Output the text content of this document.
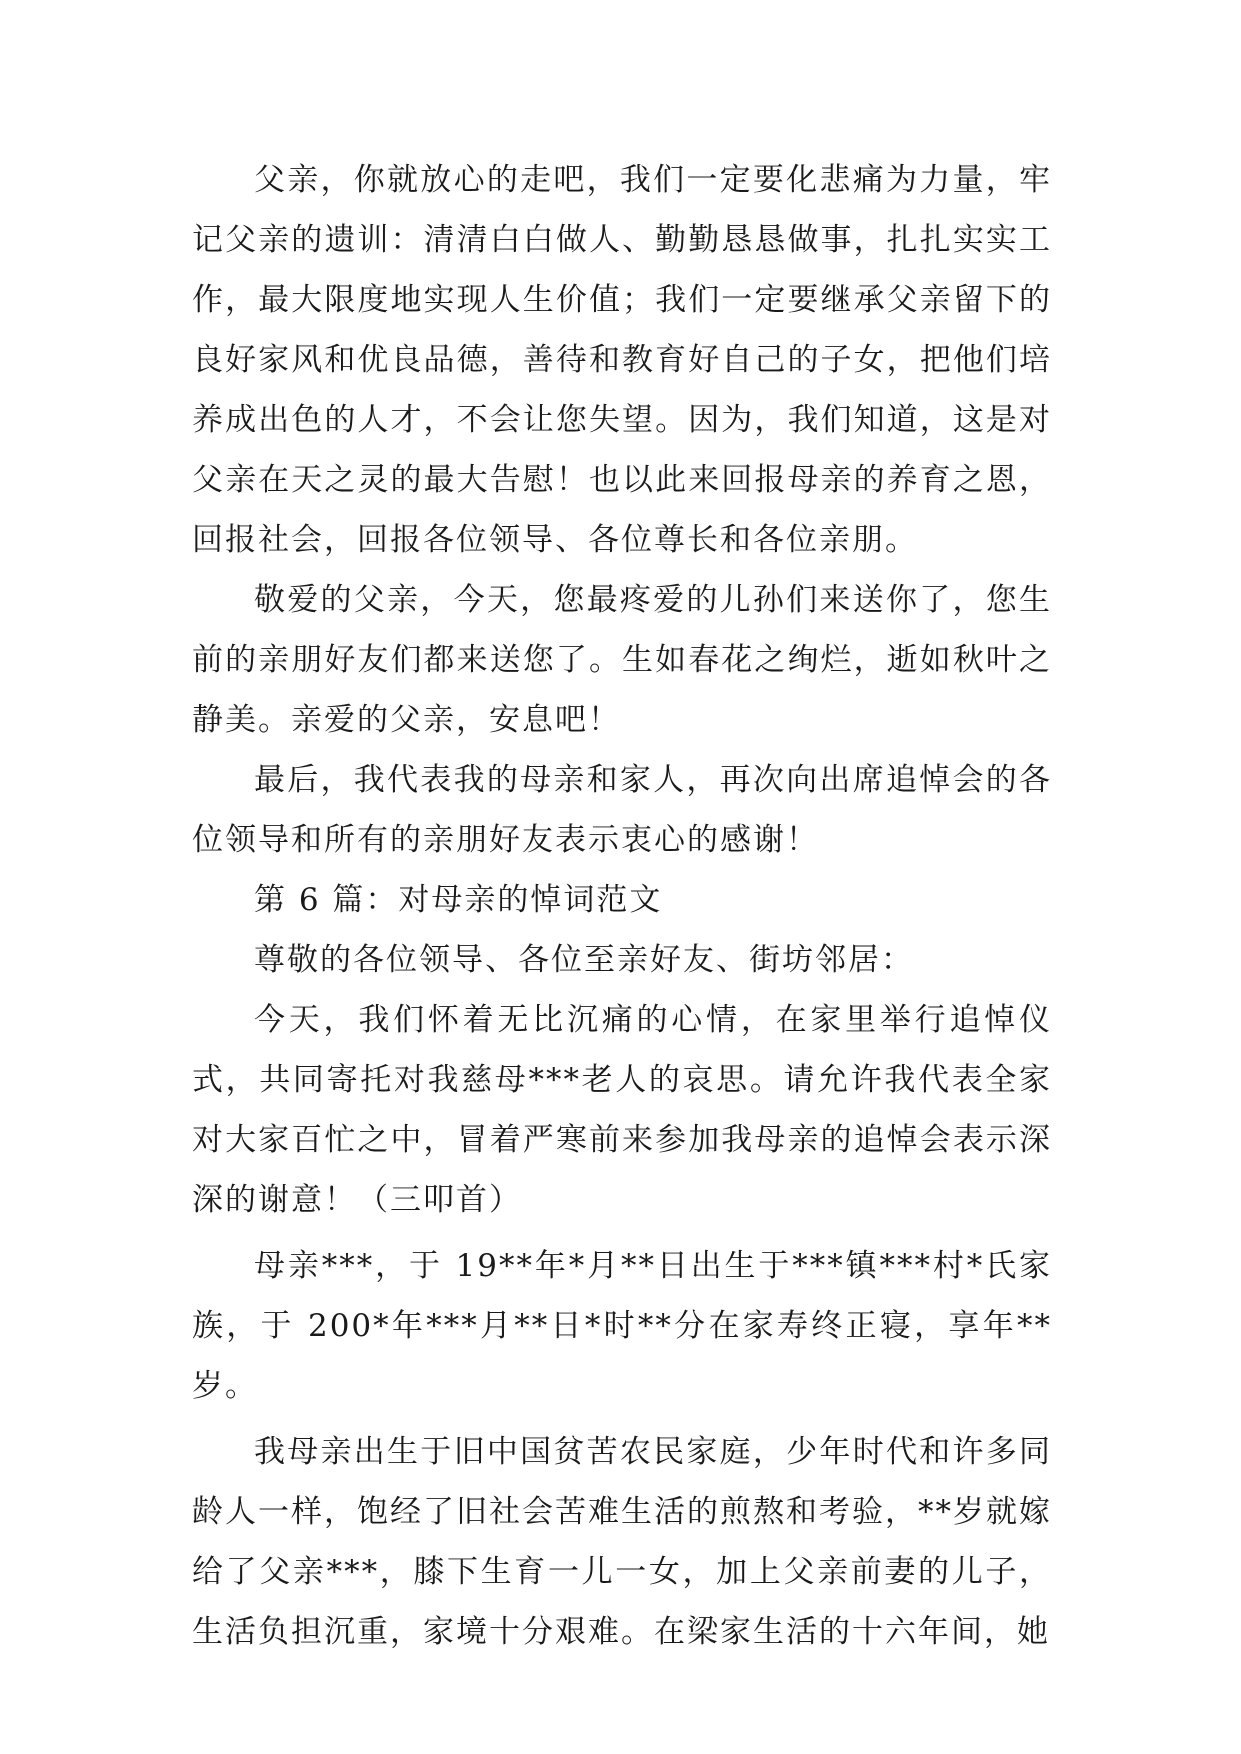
父亲，你就放心的走吧，我们一定要化悲痛为力量，牢记父亲的遗训：清清白白做人、勤勤恳恳做事，扎扎实实工作，最大限度地实现人生价值；我们一定要继承父亲留下的良好家风和优良品德，善待和教育好自己的子女，把他们培养成出色的人才，不会让您失望。因为，我们知道，这是对父亲在天之灵的最大告慰！也以此来回报母亲的养育之恩，回报社会，回报各位领导、各位尊长和各位亲朋。

敬爱的父亲，今天，您最疼爱的儿孙们来送你了，您生前的亲朋好友们都来送您了。生如春花之绚烂，逝如秋叶之静美。亲爱的父亲，安息吧！

最后，我代表我的母亲和家人，再次向出席追悼会的各位领导和所有的亲朋好友表示衷心的感谢！

第 6 篇：对母亲的悼词范文

尊敬的各位领导、各位至亲好友、街坊邻居：

今天，我们怀着无比沉痛的心情，在家里举行追悼仪式，共同寄托对我慈母***老人的哀思。请允许我代表全家对大家百忙之中，冒着严寒前来参加我母亲的追悼会表示深深的谢意！（三叩首）

母亲***，于 19**年*月**日出生于***镇***村*氏家族，于 200*年***月**日*时**分在家寿终正寝，享年**岁。

我母亲出生于旧中国贫苦农民家庭，少年时代和许多同龄人一样，饱经了旧社会苦难生活的煎熬和考验，**岁就嫁给了父亲***，膝下生育一儿一女，加上父亲前妻的儿子，生活负担沉重，家境十分艰难。在梁家生活的十六年间，她
